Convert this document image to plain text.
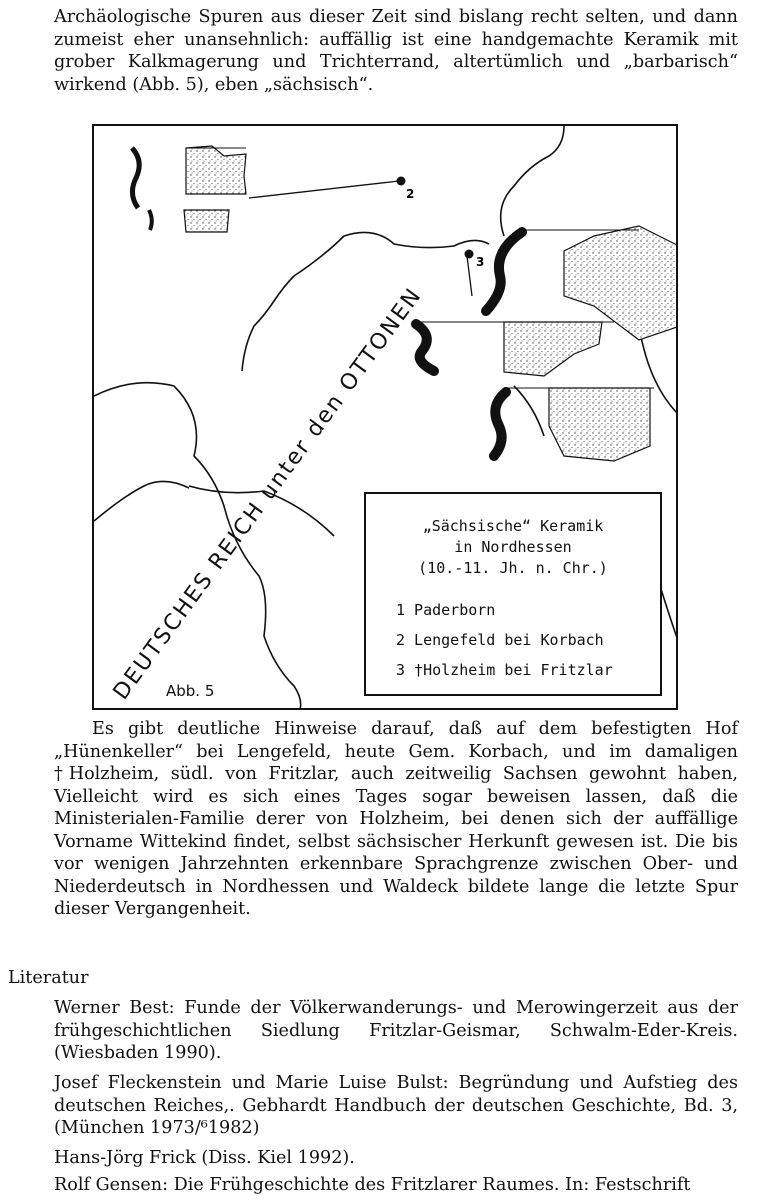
Archäologische Spuren aus dieser Zeit sind bislang recht selten, und dann zumeist eher unansehnlich: auffällig ist eine handgemachte Keramik mit grober Kalkmagerung und Trichterrand, altertümlich und „barbarisch“ wirkend (Abb. 5), eben „sächsisch“.

2
3
DEUTSCHES REICH unter den OTTONEN
„Sächsische“ Keramik
in Nordhessen
(10.-11. Jh. n. Chr.)
1 Paderborn
2 Lengefeld bei Korbach
3 †Holzheim bei Fritzlar
Abb. 5

Es gibt deutliche Hinweise darauf, daß auf dem befestigten Hof „Hünenkeller“ bei Lengefeld, heute Gem. Korbach, und im damaligen †Holzheim, südl. von Fritzlar, auch zeitweilig Sachsen gewohnt haben, Vielleicht wird es sich eines Tages sogar beweisen lassen, daß die Ministerialen-Familie derer von Holzheim, bei denen sich der auffällige Vorname Wittekind findet, selbst sächsischer Herkunft gewesen ist. Die bis vor wenigen Jahrzehnten erkennbare Sprachgrenze zwischen Ober- und Niederdeutsch in Nordhessen und Waldeck bildete lange die letzte Spur dieser Vergangenheit.

Literatur

Werner Best: Funde der Völkerwanderungs- und Merowingerzeit aus der frühgeschichtlichen Siedlung Fritzlar-Geismar, Schwalm-Eder-Kreis. (Wiesbaden 1990).

Josef Fleckenstein und Marie Luise Bulst: Begründung und Aufstieg des deutschen Reiches,. Gebhardt Handbuch der deutschen Geschichte, Bd. 3, (München 1973/⁶1982)

Hans-Jörg Frick (Diss. Kiel 1992).

Rolf Gensen: Die Frühgeschichte des Fritzlarer Raumes. In: Festschrift
